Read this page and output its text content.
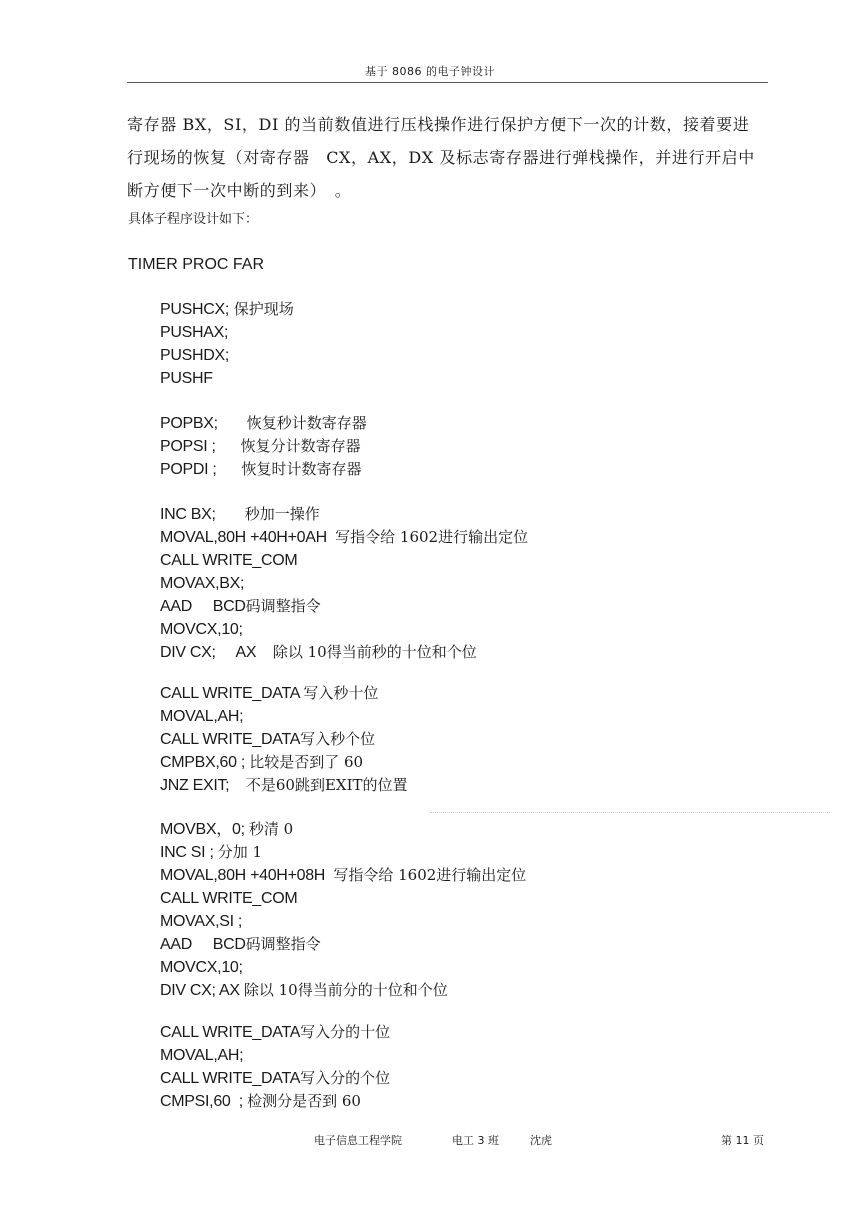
基于 8086 的电子钟设计
寄存器 BX，SI，DI 的当前数值进行压栈操作进行保护方便下一次的计数，接着要进
行现场的恢复（对寄存器　CX，AX，DX 及标志寄存器进行弹栈操作，并进行开启中
断方便下一次中断的到来）　。
具体子程序设计如下：
TIMER PROC FAR
PUSHCX; 保护现场
PUSHAX;
PUSHDX;
PUSHF
POPBX;       恢复秒计数寄存器
POPSI ;      恢复分计数寄存器
POPDI ;      恢复时计数寄存器
INC BX;       秒加一操作
MOVAL,80H +40H+0AH  写指令给 1602进行输出定位
CALL WRITE_COM
MOVAX,BX;
AAD     BCD码调整指令
MOVCX,10;
DIV CX;     AX    除以 10得当前秒的十位和个位
CALL WRITE_DATA 写入秒十位
MOVAL,AH;
CALL WRITE_DATA写入秒个位
CMPBX,60 ; 比较是否到了 60
JNZ EXIT;    不是60跳到EXIT的位置
MOVBX，0; 秒清 0
INC SI ; 分加 1
MOVAL,80H +40H+08H  写指令给 1602进行输出定位
CALL WRITE_COM
MOVAX,SI ;
AAD     BCD码调整指令
MOVCX,10;
DIV CX; AX 除以 10得当前分的十位和个位
CALL WRITE_DATA写入分的十位
MOVAL,AH;
CALL WRITE_DATA写入分的个位
CMPSI,60  ; 检测分是否到 60
电子信息工程学院	电工 3 班	沈虎	第 11 页
